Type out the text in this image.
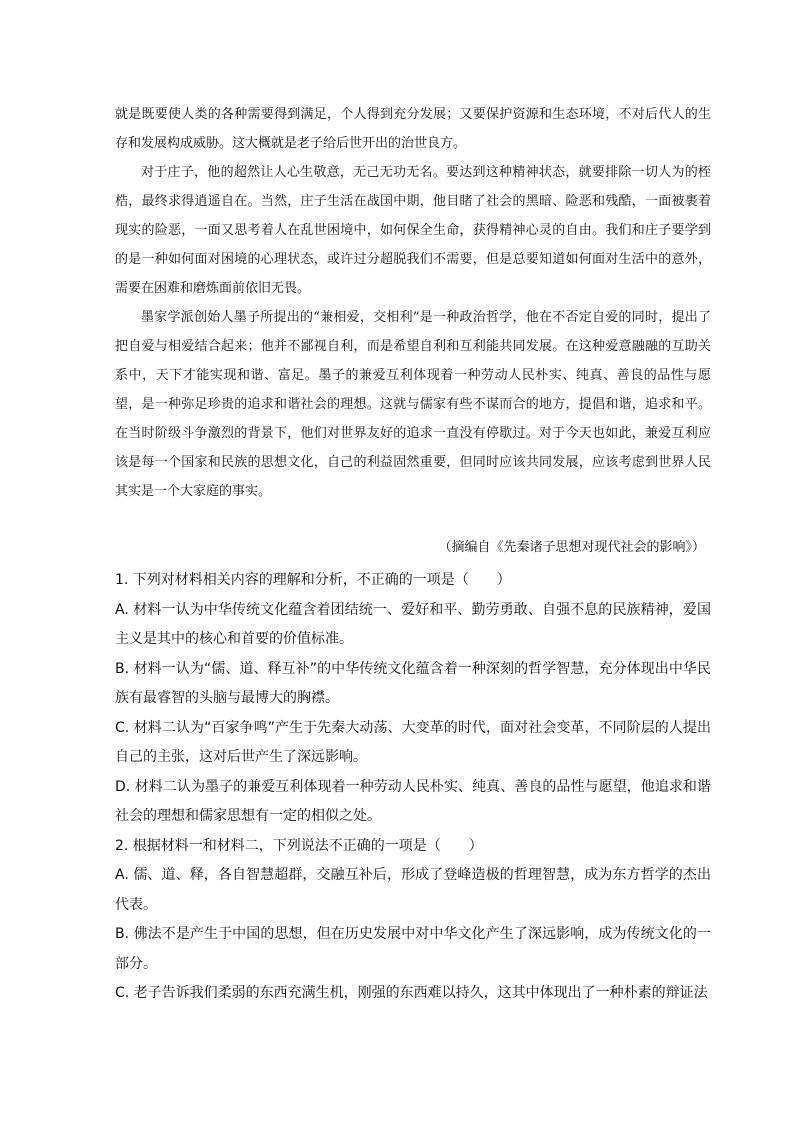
就是既要使人类的各种需要得到满足，个人得到充分发展；又要保护资源和生态环境，不对后代人的生存和发展构成威胁。这大概就是老子给后世开出的治世良方。

对于庄子，他的超然让人心生敬意，无己无功无名。要达到这种精神状态，就要排除一切人为的桎梏，最终求得逍遥自在。当然，庄子生活在战国中期，他目睹了社会的黑暗、险恶和残酷，一面被裹着现实的险恶，一面又思考着人在乱世困境中，如何保全生命，获得精神心灵的自由。我们和庄子要学到的是一种如何面对困境的心理状态，或许过分超脱我们不需要，但是总要知道如何面对生活中的意外，需要在困难和磨炼面前依旧无畏。

墨家学派创始人墨子所提出的“兼相爱，交相利”是一种政治哲学，他在不否定自爱的同时，提出了把自爱与相爱结合起来；他并不鄙视自利，而是希望自利和互利能共同发展。在这种爱意融融的互助关系中，天下才能实现和谐、富足。墨子的兼爱互利体现着一种劳动人民朴实、纯真、善良的品性与愿望，是一种弥足珍贵的追求和谐社会的理想。这就与儒家有些不谋而合的地方，提倡和谐，追求和平。在当时阶级斗争激烈的背景下，他们对世界友好的追求一直没有停歇过。对于今天也如此，兼爱互利应该是每一个国家和民族的思想文化，自己的利益固然重要，但同时应该共同发展，应该考虑到世界人民其实是一个大家庭的事实。

（摘编自《先秦诸子思想对现代社会的影响》）

1. 下列对材料相关内容的理解和分析，不正确的一项是（　　）

A. 材料一认为中华传统文化蕴含着团结统一、爱好和平、勤劳勇敢、自强不息的民族精神，爱国主义是其中的核心和首要的价值标准。

B. 材料一认为“儒、道、释互补”的中华传统文化蕴含着一种深刻的哲学智慧，充分体现出中华民族有最睿智的头脑与最博大的胸襟。

C. 材料二认为“百家争鸣”产生于先秦大动荡、大变革的时代，面对社会变革，不同阶层的人提出自己的主张，这对后世产生了深远影响。

D. 材料二认为墨子的兼爱互利体现着一种劳动人民朴实、纯真、善良的品性与愿望，他追求和谐社会的理想和儒家思想有一定的相似之处。

2. 根据材料一和材料二，下列说法不正确的一项是（　　）

A. 儒、道、释，各自智慧超群，交融互补后，形成了登峰造极的哲理智慧，成为东方哲学的杰出代表。

B. 佛法不是产生于中国的思想，但在历史发展中对中华文化产生了深远影响，成为传统文化的一部分。

C. 老子告诉我们柔弱的东西充满生机，刚强的东西难以持久，这其中体现出了一种朴素的辩证法
